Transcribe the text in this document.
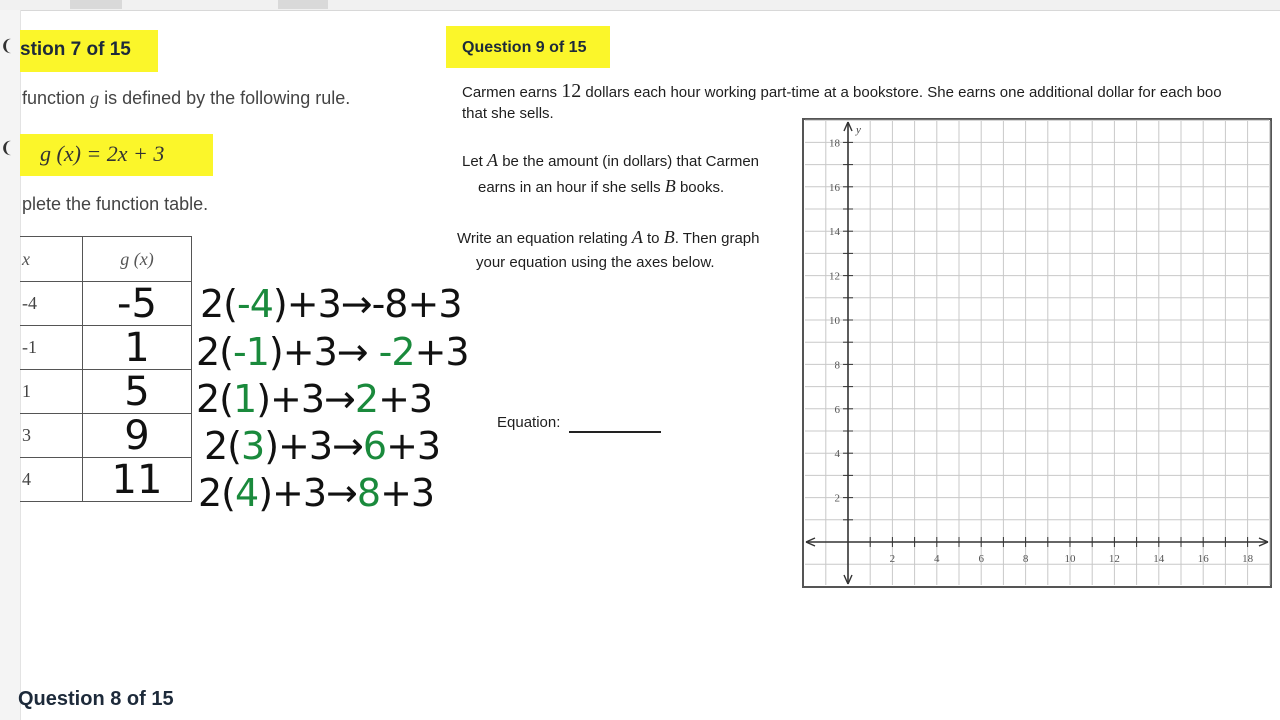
❨
❨
stion 7 of 15
function g is defined by the following rule.
g (x) = 2x + 3
plete the function table.
x	g (x)
-4	-5
-1	1
1	5
3	9
4	11
2(-4)+3→-8+3
2(-1)+3→ -2+3
2(1)+3→2+3
2(3)+3→6+3
2(4)+3→8+3
Question 8 of 15
Question 9 of 15
Carmen earns 12 dollars each hour working part-time at a bookstore. She earns one additional dollar for each boo
that she sells.
Let A be the amount (in dollars) that Carmen
earns in an hour if she sells B books.
Write an equation relating A to B. Then graph
your equation using the axes below.
Equation:
2	4	6	8	10	12	14	16	18
2
4
6
8
10
12
14
16
18
y
